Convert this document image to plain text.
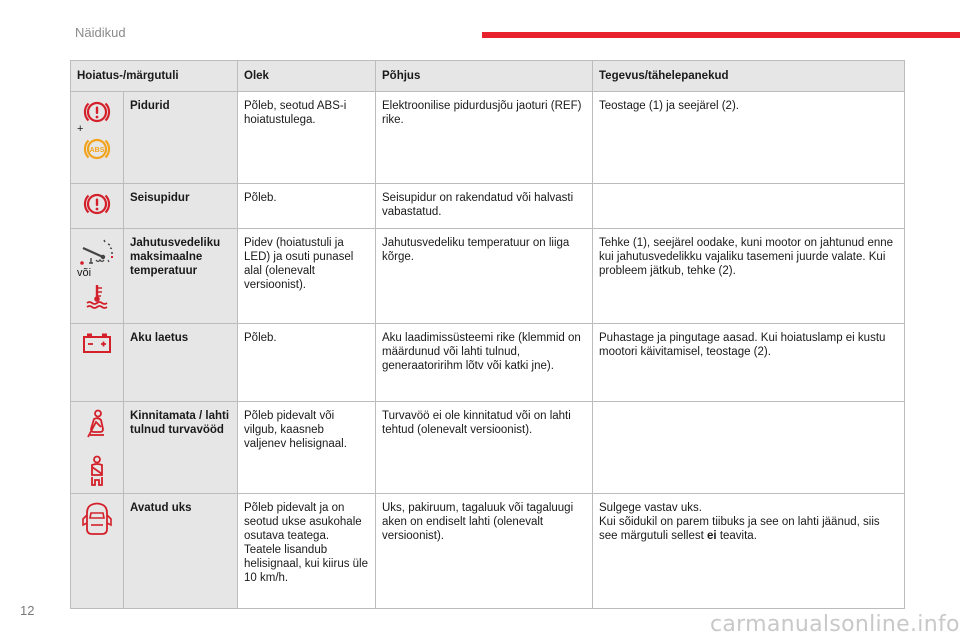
Näidikud
Hoiatus-/märgutuli		Olek	Põhjus	Tegevus/tähelepanekud

+
ABS	Pidurid	Põleb, seotud ABS-i hoiatustulega.	Elektroonilise pidurdusjõu jaoturi (REF) rike.	Teostage (1) ja seejärel (2).

	Seisupidur	Põleb.	Seisupidur on rakendatud või halvasti vabastatud.	

või	Jahutusvedeliku maksimaalne temperatuur	Pidev (hoiatustuli ja LED) ja osuti punasel alal (olenevalt versioonist).	Jahutusvedeliku temperatuur on liiga kõrge.	Tehke (1), seejärel oodake, kuni mootor on jahtunud enne kui jahutusvedelikku vajaliku tasemeni juurde valate. Kui probleem jätkub, tehke (2).

	Aku laetus	Põleb.	Aku laadimissüsteemi rike (klemmid on määrdunud või lahti tulnud, generaatoririhm lõtv või katki jne).	Puhastage ja pingutage aasad. Kui hoiatuslamp ei kustu mootori käivitamisel, teostage (2).

	Kinnitamata / lahti tulnud turvavööd	Põleb pidevalt või vilgub, kaasneb valjenev helisignaal.	Turvavöö ei ole kinnitatud või on lahti tehtud (olenevalt versioonist).	

	Avatud uks	Põleb pidevalt ja on seotud ukse asukohale osutava teatega. Teatele lisandub helisignaal, kui kiirus üle 10 km/h.	Uks, pakiruum, tagaluuk või tagaluugi aken on endiselt lahti (olenevalt versioonist).	Sulgege vastav uks.
Kui sõidukil on parem tiibuks ja see on lahti jäänud, siis see märgutuli sellest ei teavita.
12
carmanualsonline.info
